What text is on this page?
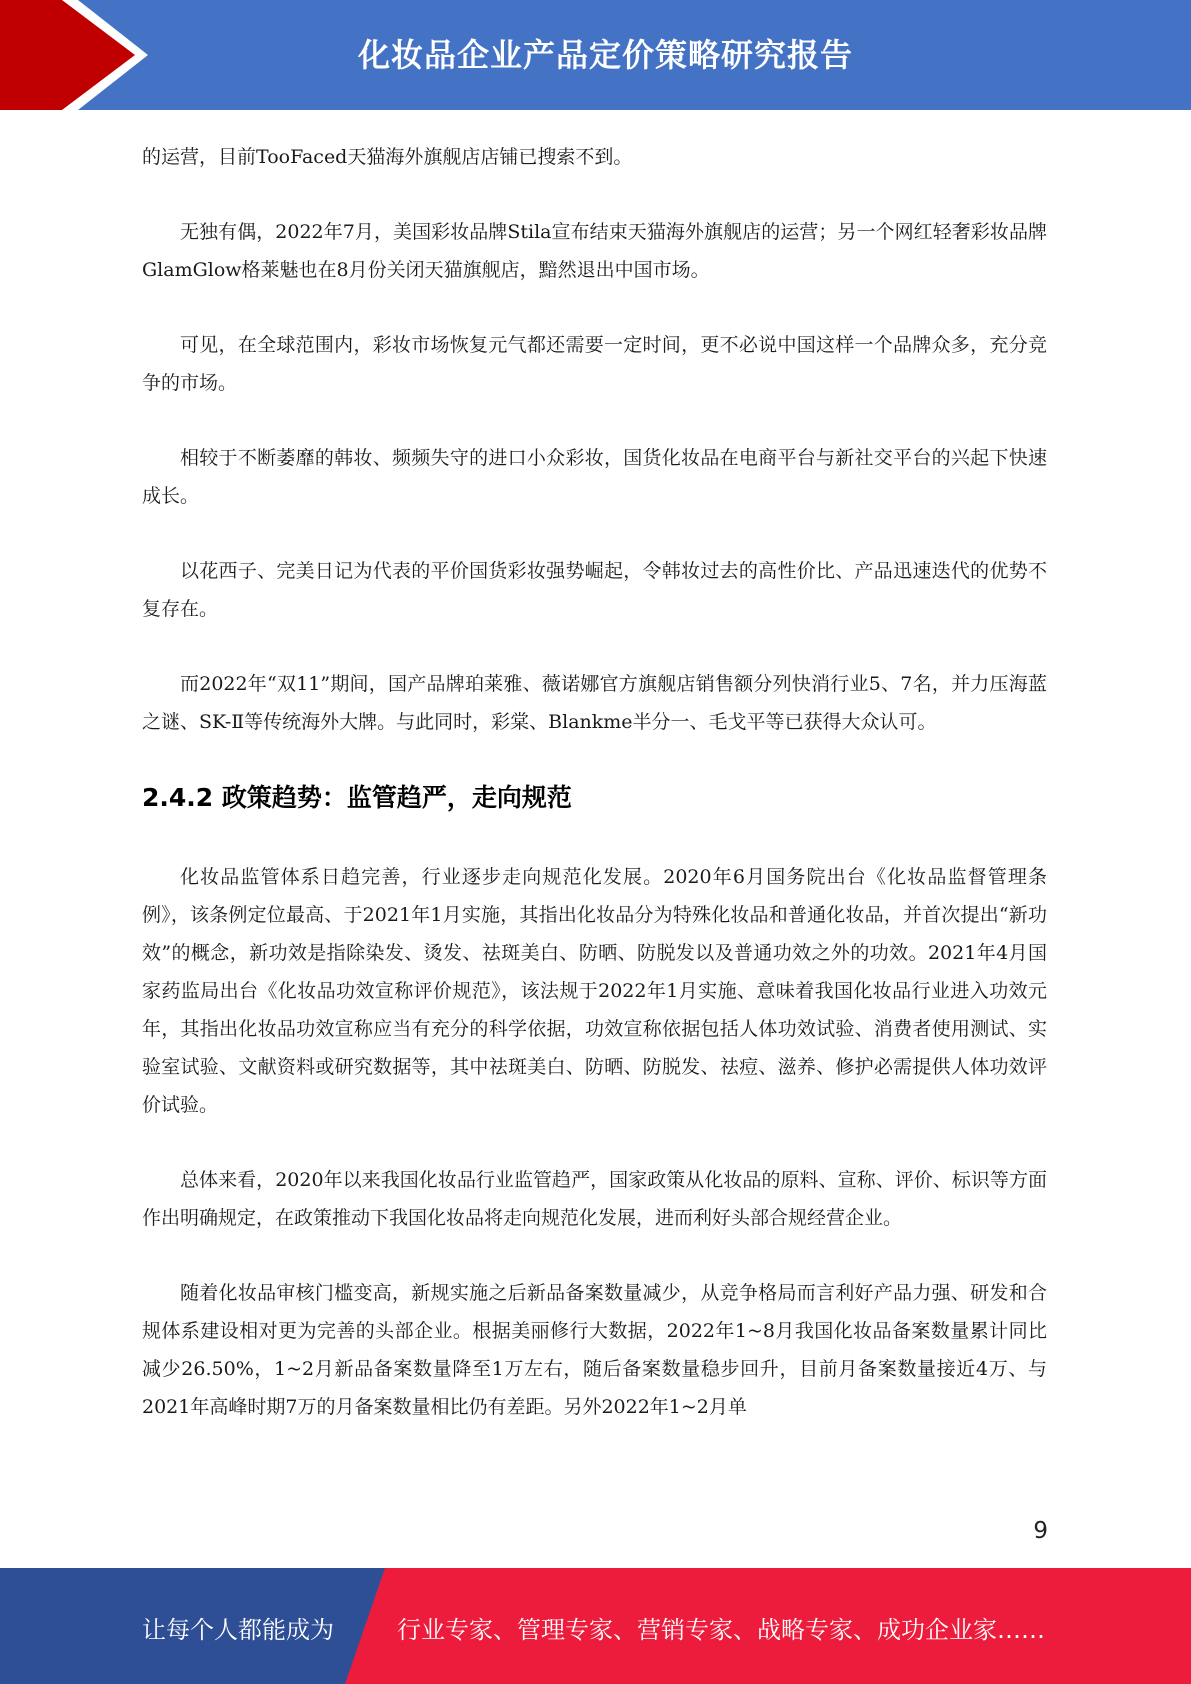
化妆品企业产品定价策略研究报告

的运营，目前TooFaced天猫海外旗舰店店铺已搜索不到。

无独有偶，2022年7月，美国彩妆品牌Stila宣布结束天猫海外旗舰店的运营；另一个网红轻奢彩妆品牌GlamGlow格莱魅也在8月份关闭天猫旗舰店，黯然退出中国市场。

可见，在全球范围内，彩妆市场恢复元气都还需要一定时间，更不必说中国这样一个品牌众多，充分竞争的市场。

相较于不断萎靡的韩妆、频频失守的进口小众彩妆，国货化妆品在电商平台与新社交平台的兴起下快速成长。

以花西子、完美日记为代表的平价国货彩妆强势崛起，令韩妆过去的高性价比、产品迅速迭代的优势不复存在。

而2022年“双11”期间，国产品牌珀莱雅、薇诺娜官方旗舰店销售额分列快消行业5、7名，并力压海蓝之谜、SK-Ⅱ等传统海外大牌。与此同时，彩棠、Blankme半分一、毛戈平等已获得大众认可。

2.4.2 政策趋势：监管趋严，走向规范

化妆品监管体系日趋完善，行业逐步走向规范化发展。2020年6月国务院出台《化妆品监督管理条例》，该条例定位最高、于2021年1月实施，其指出化妆品分为特殊化妆品和普通化妆品，并首次提出“新功效”的概念，新功效是指除染发、烫发、祛斑美白、防晒、防脱发以及普通功效之外的功效。2021年4月国家药监局出台《化妆品功效宣称评价规范》，该法规于2022年1月实施、意味着我国化妆品行业进入功效元年，其指出化妆品功效宣称应当有充分的科学依据，功效宣称依据包括人体功效试验、消费者使用测试、实验室试验、文献资料或研究数据等，其中祛斑美白、防晒、防脱发、祛痘、滋养、修护必需提供人体功效评价试验。

总体来看，2020年以来我国化妆品行业监管趋严，国家政策从化妆品的原料、宣称、评价、标识等方面作出明确规定，在政策推动下我国化妆品将走向规范化发展，进而利好头部合规经营企业。

随着化妆品审核门槛变高，新规实施之后新品备案数量减少，从竞争格局而言利好产品力强、研发和合规体系建设相对更为完善的头部企业。根据美丽修行大数据，2022年1~8月我国化妆品备案数量累计同比减少26.50%，1~2月新品备案数量降至1万左右，随后备案数量稳步回升，目前月备案数量接近4万、与2021年高峰时期7万的月备案数量相比仍有差距。另外2022年1~2月单

9
让每个人都能成为	行业专家、管理专家、营销专家、战略专家、成功企业家……
